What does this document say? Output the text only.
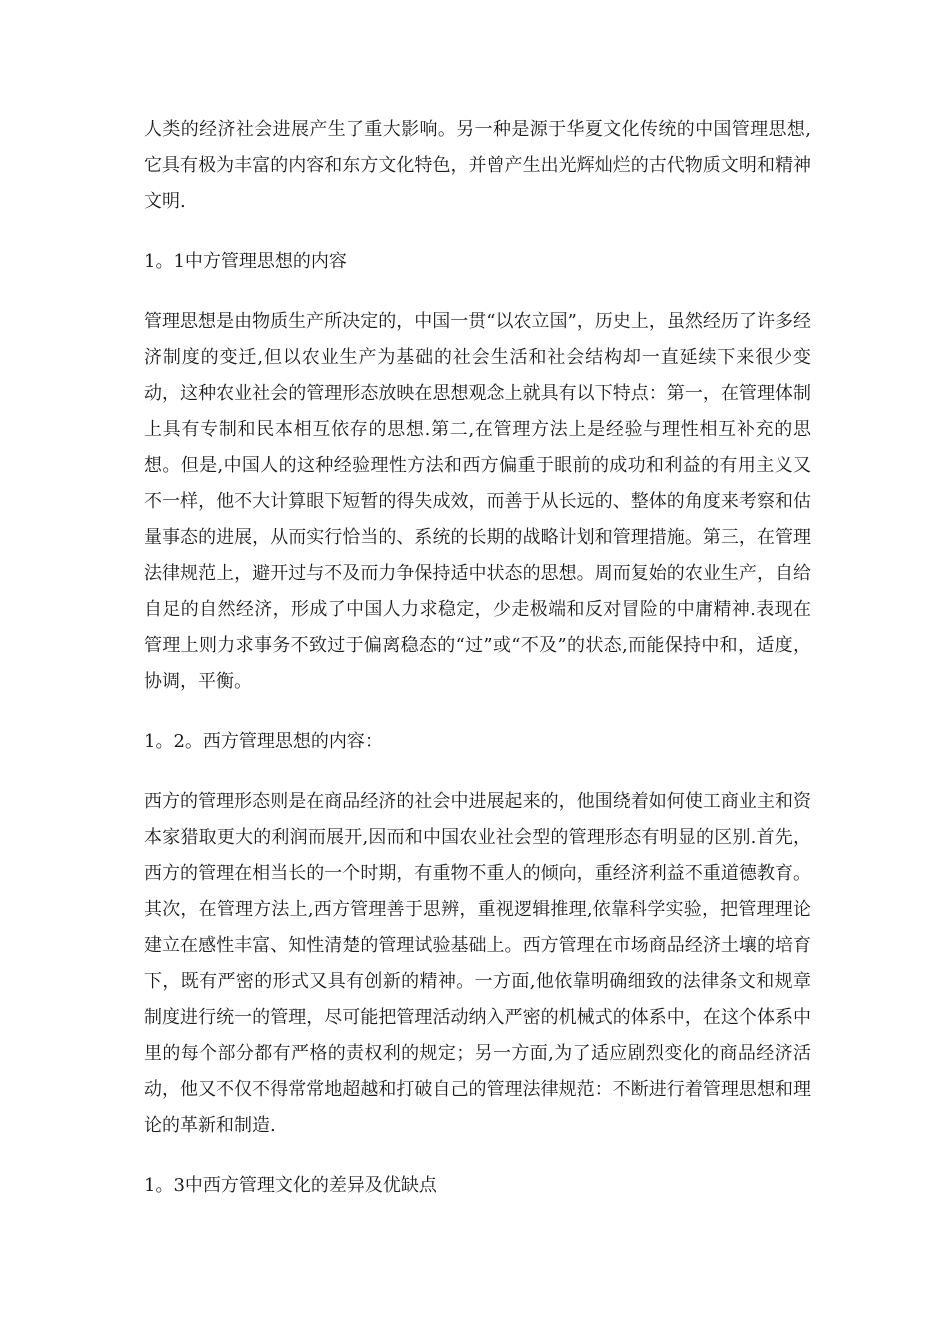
人类的经济社会进展产生了重大影响。另一种是源于华夏文化传统的中国管理思想,它具有极为丰富的内容和东方文化特色，并曾产生出光辉灿烂的古代物质文明和精神文明.

1。1中方管理思想的内容

管理思想是由物质生产所决定的，中国一贯“以农立国”，历史上，虽然经历了许多经济制度的变迁,但以农业生产为基础的社会生活和社会结构却一直延续下来很少变动，这种农业社会的管理形态放映在思想观念上就具有以下特点：第一，在管理体制上具有专制和民本相互依存的思想.第二,在管理方法上是经验与理性相互补充的思想。但是,中国人的这种经验理性方法和西方偏重于眼前的成功和利益的有用主义又不一样，他不大计算眼下短暂的得失成效，而善于从长远的、整体的角度来考察和估量事态的进展，从而实行恰当的、系统的长期的战略计划和管理措施。第三，在管理法律规范上，避开过与不及而力争保持适中状态的思想。周而复始的农业生产，自给自足的自然经济，形成了中国人力求稳定，少走极端和反对冒险的中庸精神.表现在管理上则力求事务不致过于偏离稳态的“过”或“不及”的状态,而能保持中和，适度，协调，平衡。

1。2。西方管理思想的内容：

西方的管理形态则是在商品经济的社会中进展起来的，他围绕着如何使工商业主和资本家猎取更大的利润而展开,因而和中国农业社会型的管理形态有明显的区别.首先，西方的管理在相当长的一个时期，有重物不重人的倾向，重经济利益不重道德教育。其次，在管理方法上,西方管理善于思辨，重视逻辑推理,依靠科学实验，把管理理论建立在感性丰富、知性清楚的管理试验基础上。西方管理在市场商品经济土壤的培育下，既有严密的形式又具有创新的精神。一方面,他依靠明确细致的法律条文和规章制度进行统一的管理，尽可能把管理活动纳入严密的机械式的体系中，在这个体系中里的每个部分都有严格的责权利的规定；另一方面,为了适应剧烈变化的商品经济活动，他又不仅不得常常地超越和打破自己的管理法律规范：不断进行着管理思想和理论的革新和制造.

1。3中西方管理文化的差异及优缺点
